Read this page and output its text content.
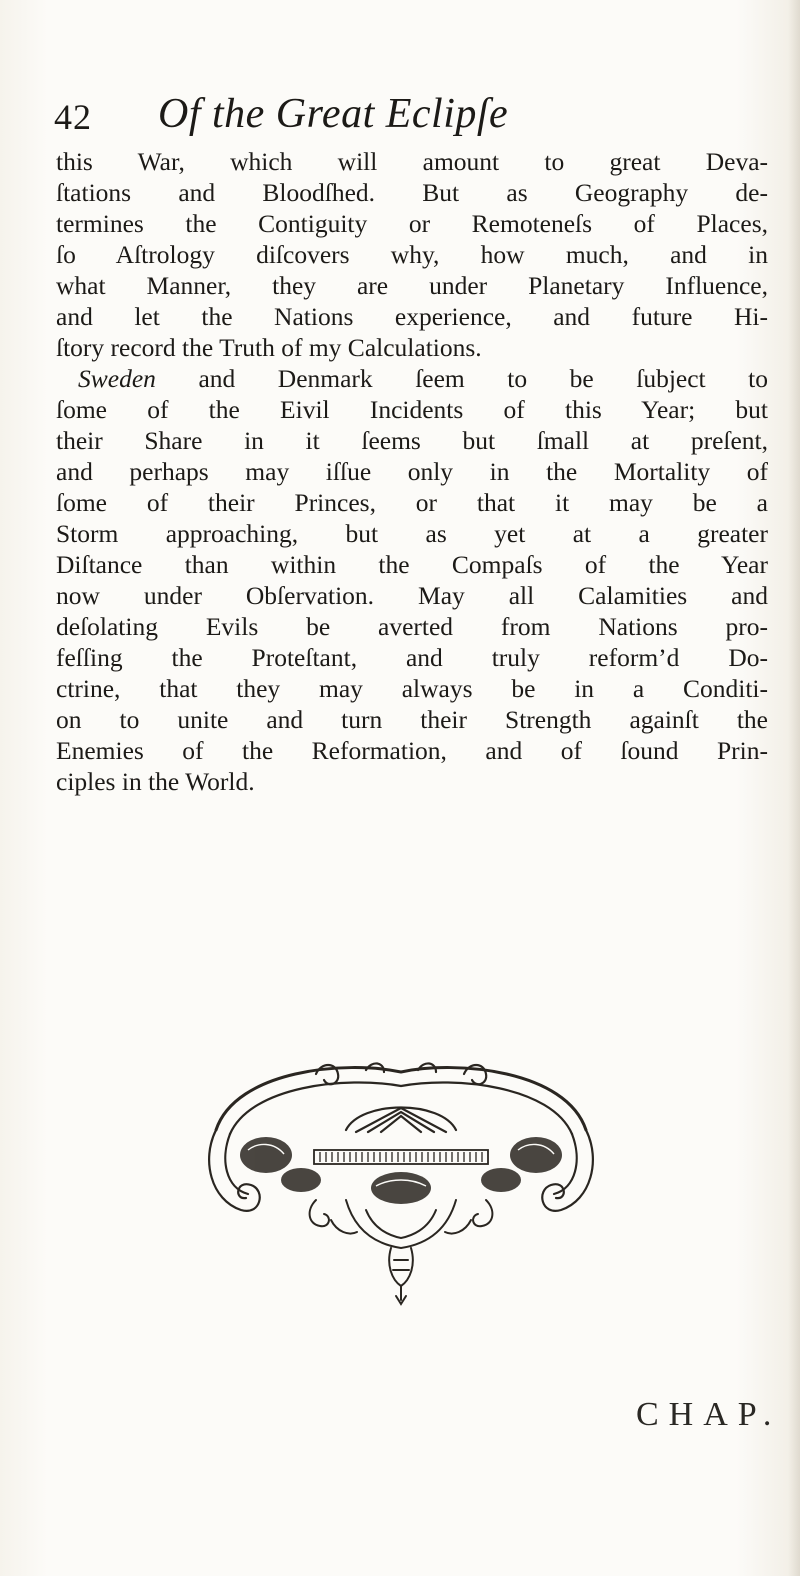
42 Of the Great Eclipſe
this War, which will amount to great Deva-
ſtations and Bloodſhed. But as Geography de-
termines the Contiguity or Remoteneſs of Places,
ſo Aſtrology diſcovers why, how much, and in
what Manner, they are under Planetary Influence,
and let the Nations experience, and future Hi-
ſtory record the Truth of my Calculations.
Sweden and Denmark ſeem to be ſubject to
ſome of the Eivil Incidents of this Year; but
their Share in it ſeems but ſmall at preſent,
and perhaps may iſſue only in the Mortality of
ſome of their Princes, or that it may be a
Storm approaching, but as yet at a greater
Diſtance than within the Compaſs of the Year
now under Obſervation. May all Calamities and
deſolating Evils be averted from Nations pro-
feſſing the Proteſtant, and truly reform’d Do-
ctrine, that they may always be in a Conditi-
on to unite and turn their Strength againſt the
Enemies of the Reformation, and of ſound Prin-
ciples in the World.
CHAP.
